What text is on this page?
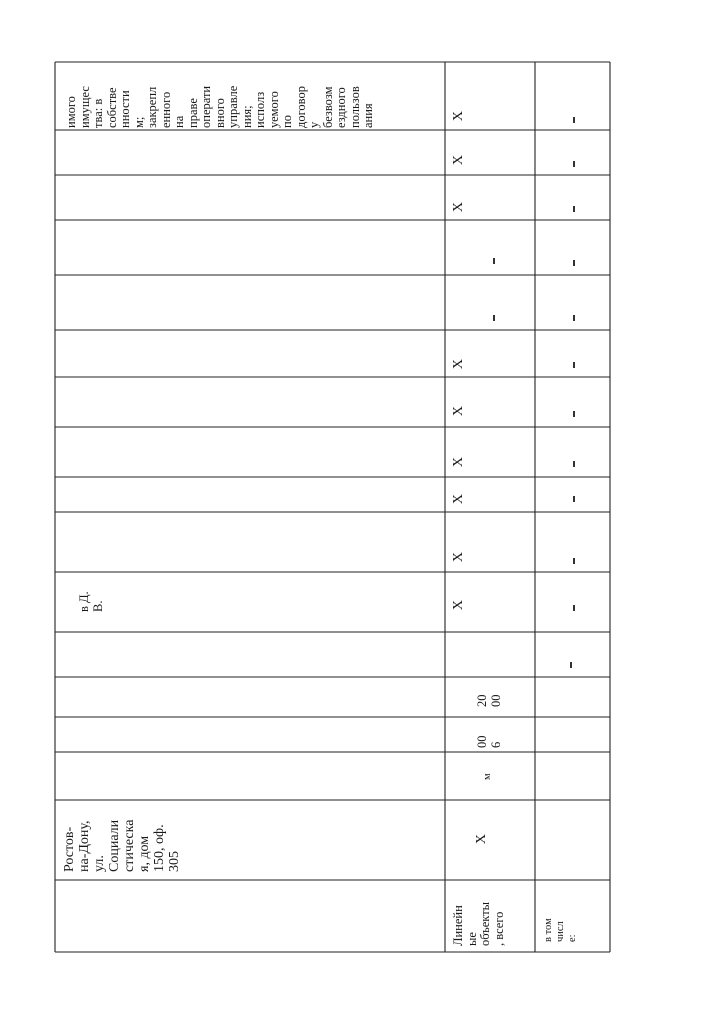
имого
имущес
тва: в
собстве
нности
м;
закрепл
енного
на
праве
операти
вного
управле
ния;
исполз
уемого
по
договор
у
безвозм
ездного
пользов
ания
Ростов-
на-Дону,
ул.
Социали
стическа
я, дом
150, оф.
305
в Д.
В.
м
00
6
20
00
Линейн
ые
объекты
, всего	в том
числ
е:
Х
Х
Х
Х
Х
Х
Х
Х
Х
Х
